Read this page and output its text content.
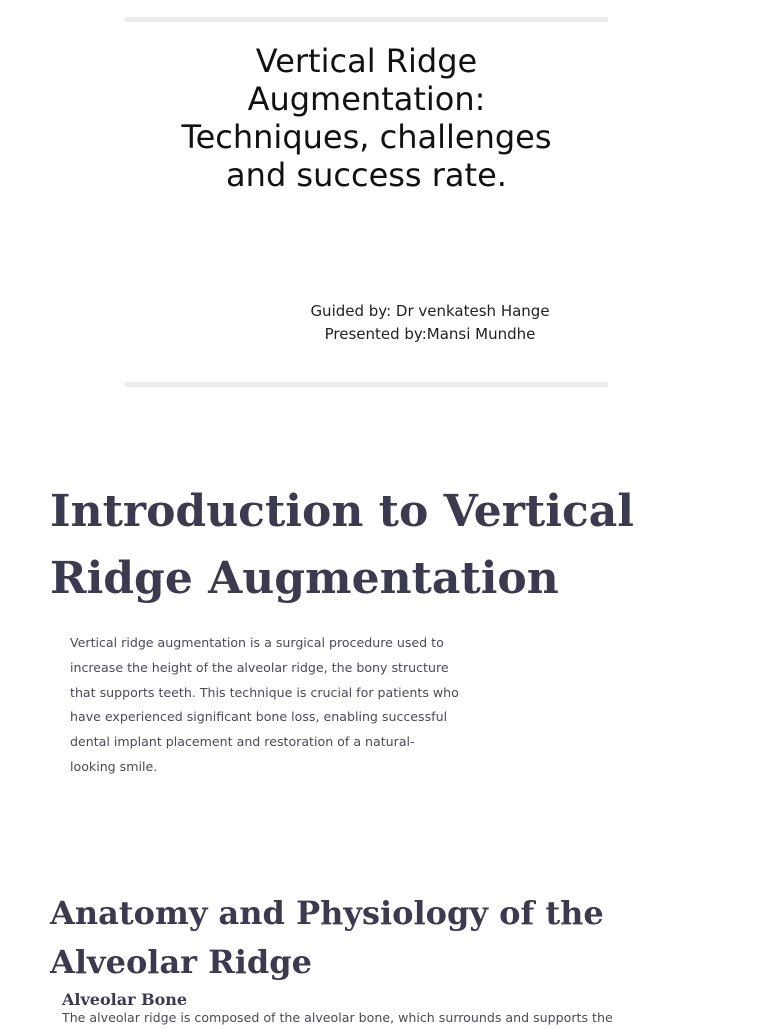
Vertical Ridge
Augmentation:
Techniques, challenges
and success rate.
Guided by: Dr venkatesh Hange
Presented by:Mansi Mundhe
Introduction to Vertical Ridge Augmentation

Vertical ridge augmentation is a surgical procedure used to increase the height of the alveolar ridge, the bony structure that supports teeth. This technique is crucial for patients who have experienced significant bone loss, enabling successful dental implant placement and restoration of a natural-looking smile.

Anatomy and Physiology of the Alveolar Ridge
Alveolar Bone

The alveolar ridge is composed of the alveolar bone, which surrounds and supports the
